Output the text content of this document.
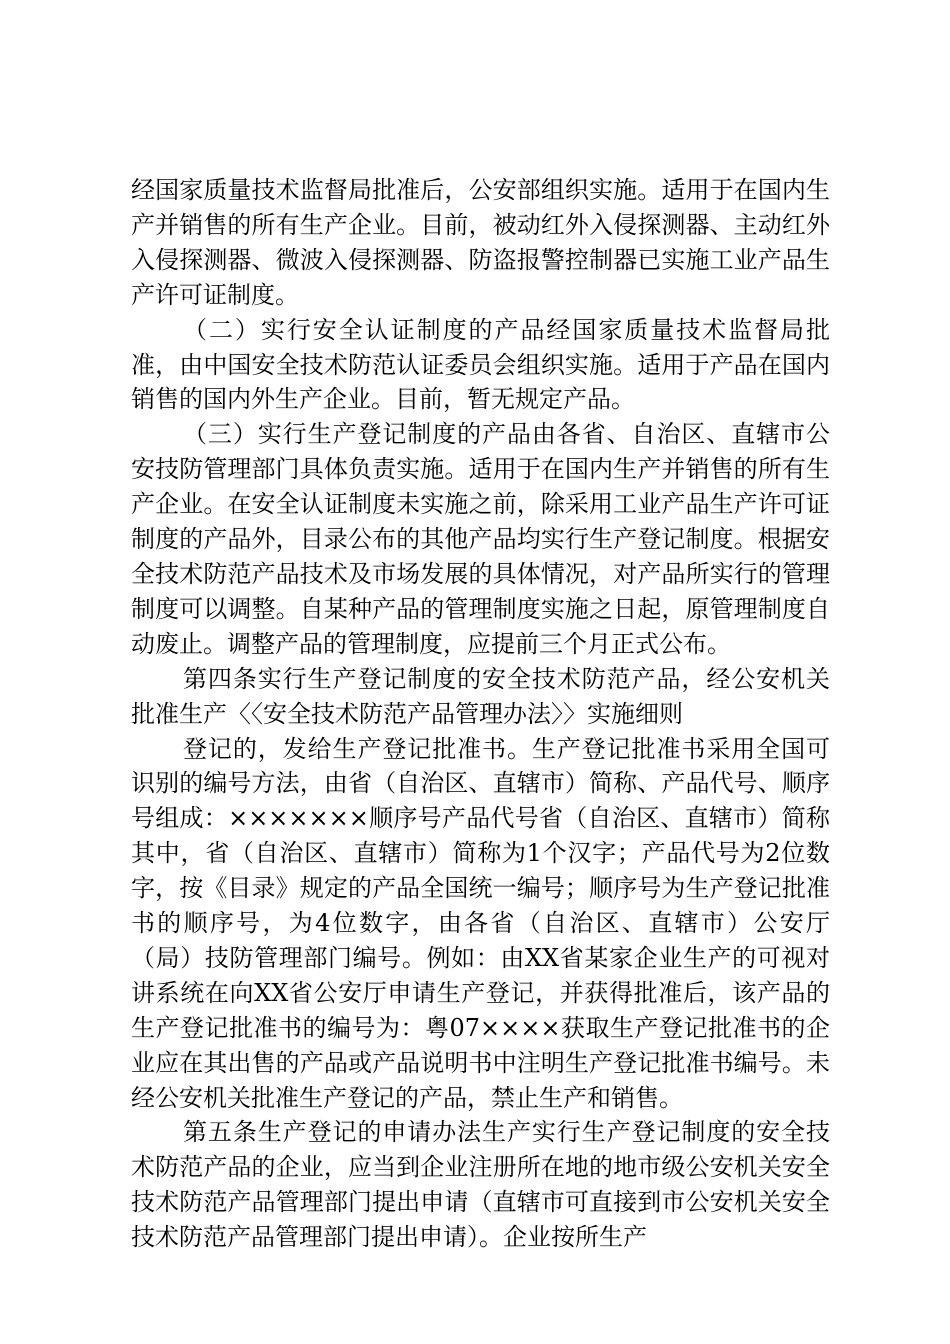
经国家质量技术监督局批准后，公安部组织实施。适用于在国内生产并销售的所有生产企业。目前，被动红外入侵探测器、主动红外入侵探测器、微波入侵探测器、防盗报警控制器已实施工业产品生产许可证制度。

（二）实行安全认证制度的产品经国家质量技术监督局批准，由中国安全技术防范认证委员会组织实施。适用于产品在国内销售的国内外生产企业。目前，暂无规定产品。

（三）实行生产登记制度的产品由各省、自治区、直辖市公安技防管理部门具体负责实施。适用于在国内生产并销售的所有生产企业。在安全认证制度未实施之前，除采用工业产品生产许可证制度的产品外，目录公布的其他产品均实行生产登记制度。根据安全技术防范产品技术及市场发展的具体情况，对产品所实行的管理制度可以调整。自某种产品的管理制度实施之日起，原管理制度自动废止。调整产品的管理制度，应提前三个月正式公布。

第四条实行生产登记制度的安全技术防范产品，经公安机关批准生产〈〈安全技术防范产品管理办法〉〉实施细则

登记的，发给生产登记批准书。生产登记批准书采用全国可识别的编号方法，由省（自治区、直辖市）简称、产品代号、顺序号组成：×××××××顺序号产品代号省（自治区、直辖市）简称其中，省（自治区、直辖市）简称为1个汉字；产品代号为2位数字，按《目录》规定的产品全国统一编号；顺序号为生产登记批准书的顺序号，为4位数字，由各省（自治区、直辖市）公安厅（局）技防管理部门编号。例如：由XX省某家企业生产的可视对讲系统在向XX省公安厅申请生产登记，并获得批准后，该产品的生产登记批准书的编号为：粤07××××获取生产登记批准书的企业应在其出售的产品或产品说明书中注明生产登记批准书编号。未经公安机关批准生产登记的产品，禁止生产和销售。

第五条生产登记的申请办法生产实行生产登记制度的安全技术防范产品的企业，应当到企业注册所在地的地市级公安机关安全技术防范产品管理部门提出申请（直辖市可直接到市公安机关安全技术防范产品管理部门提出申请）。企业按所生产
